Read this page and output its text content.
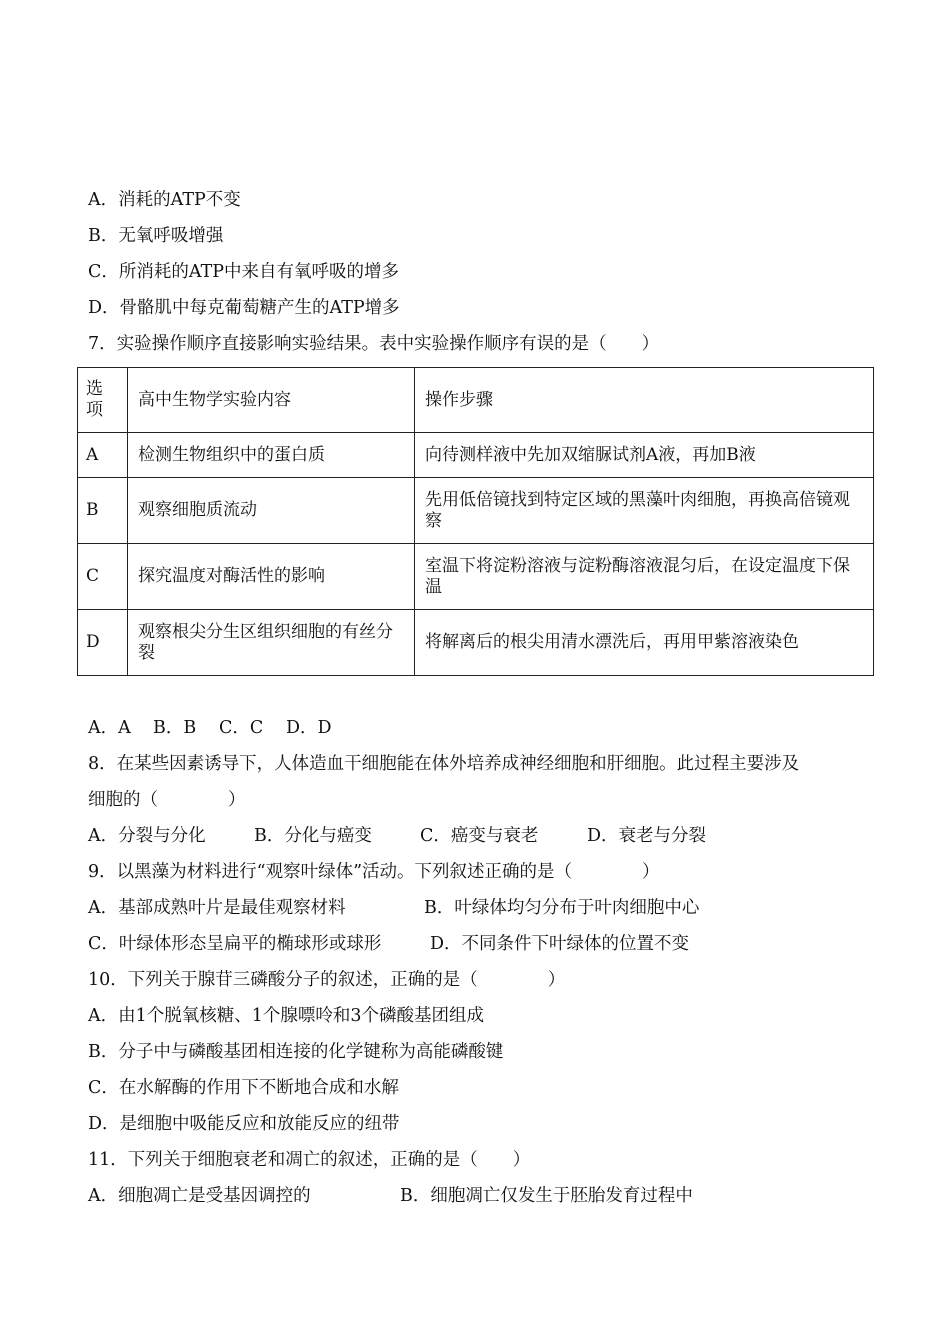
A．消耗的ATP不变
B．无氧呼吸增强
C．所消耗的ATP中来自有氧呼吸的增多
D．骨骼肌中每克葡萄糖产生的ATP增多
7．实验操作顺序直接影响实验结果。表中实验操作顺序有误的是（　　）
选项	高中生物学实验内容	操作步骤
A	检测生物组织中的蛋白质	向待测样液中先加双缩脲试剂A液，再加B液
B	观察细胞质流动	先用低倍镜找到特定区域的黑藻叶肉细胞，再换高倍镜观察
C	探究温度对酶活性的影响	室温下将淀粉溶液与淀粉酶溶液混匀后，在设定温度下保温
D	观察根尖分生区组织细胞的有丝分裂	将解离后的根尖用清水漂洗后，再用甲紫溶液染色
A．A B．B C．C D．D
8．在某些因素诱导下，人体造血干细胞能在体外培养成神经细胞和肝细胞。此过程主要涉及
细胞的（　　　　）
A．分裂与分化	B．分化与癌变	C．癌变与衰老	D．衰老与分裂
9．以黑藻为材料进行“观察叶绿体”活动。下列叙述正确的是（　　　　）
A．基部成熟叶片是最佳观察材料	B．叶绿体均匀分布于叶肉细胞中心
C．叶绿体形态呈扁平的椭球形或球形	D．不同条件下叶绿体的位置不变
10．下列关于腺苷三磷酸分子的叙述，正确的是（　　　　）
A．由1个脱氧核糖、1个腺嘌呤和3个磷酸基团组成
B．分子中与磷酸基团相连接的化学键称为高能磷酸键
C．在水解酶的作用下不断地合成和水解
D．是细胞中吸能反应和放能反应的纽带
11．下列关于细胞衰老和凋亡的叙述，正确的是（　　）
A．细胞凋亡是受基因调控的	B．细胞凋亡仅发生于胚胎发育过程中
